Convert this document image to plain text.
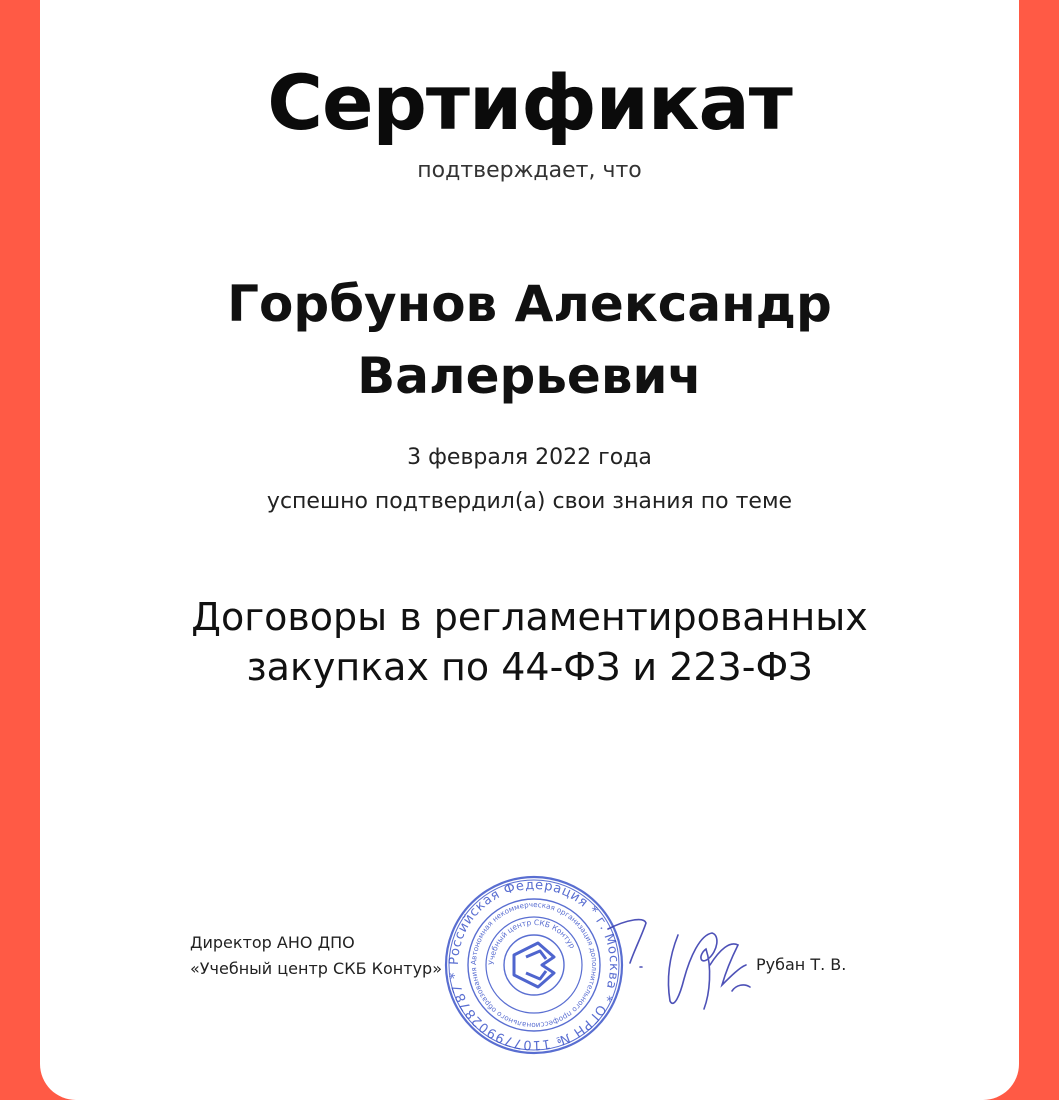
Сертификат
подтверждает, что
Горбунов Александр
Валерьевич
3 февраля 2022 года
успешно подтвердил(а) свои знания по теме
Договоры в регламентированных
закупках по 44-ФЗ и 223-ФЗ
Директор АНО ДПО
«Учебный центр СКБ Контур» Российская Федерация * г. Москва * ОГРН № 1107799028787 *
Автономная некоммерческая организация дополнительного профессионального образования
Учебный центр СКБ Контур
Рубан Т. В.
